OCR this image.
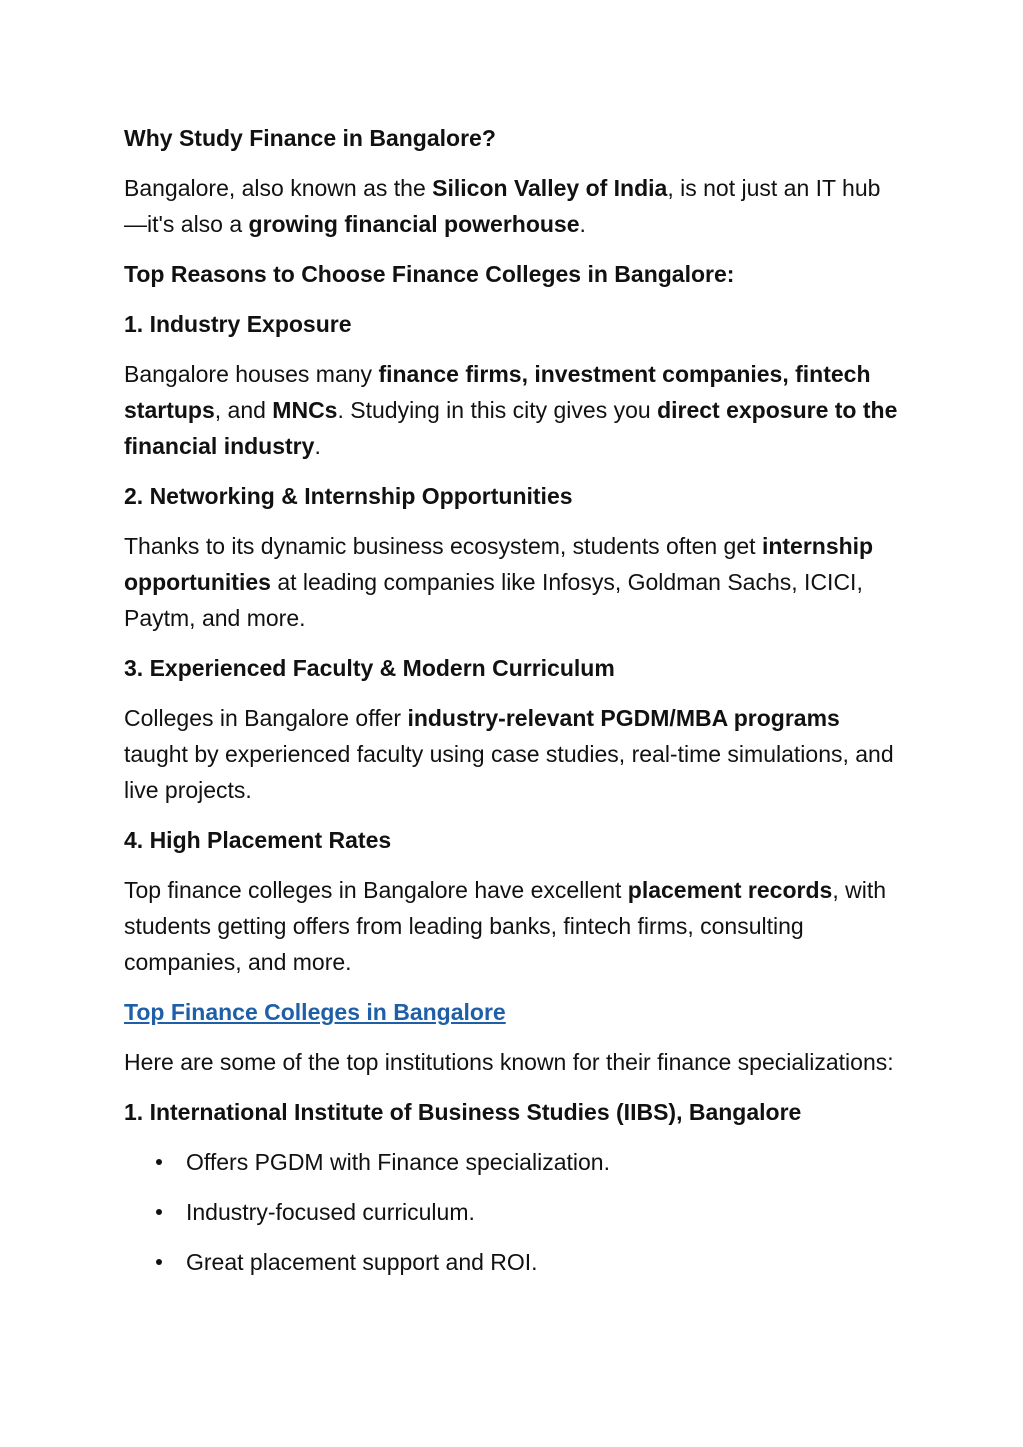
Why Study Finance in Bangalore?

Bangalore, also known as the Silicon Valley of India, is not just an IT hub—it's also a growing financial powerhouse.

Top Reasons to Choose Finance Colleges in Bangalore:
1. Industry Exposure

Bangalore houses many finance firms, investment companies, fintech startups, and MNCs. Studying in this city gives you direct exposure to the financial industry.

2. Networking & Internship Opportunities

Thanks to its dynamic business ecosystem, students often get internship opportunities at leading companies like Infosys, Goldman Sachs, ICICI, Paytm, and more.

3. Experienced Faculty & Modern Curriculum

Colleges in Bangalore offer industry-relevant PGDM/MBA programs taught by experienced faculty using case studies, real-time simulations, and live projects.

4. High Placement Rates

Top finance colleges in Bangalore have excellent placement records, with students getting offers from leading banks, fintech firms, consulting companies, and more.

Top Finance Colleges in Bangalore

Here are some of the top institutions known for their finance specializations:

1. International Institute of Business Studies (IIBS), Bangalore
Offers PGDM with Finance specialization.
Industry-focused curriculum.
Great placement support and ROI.
